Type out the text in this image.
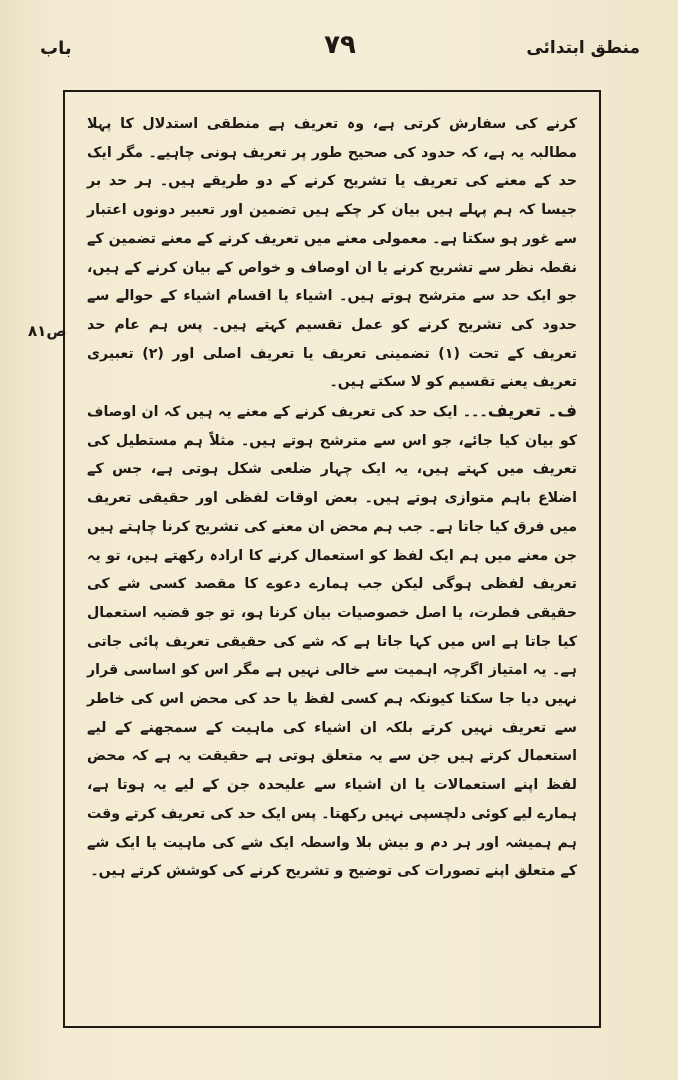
منطق ابتدائی
۷۹
باب
ص۸۱

کرنے کی سفارش کرتی ہے، وہ تعریف ہے منطقی استدلال کا پہلا مطالبہ یہ ہے، کہ حدود کی صحیح طور پر تعریف ہونی چاہیے۔ مگر ایک حد کے معنے کی تعریف یا تشریح کرنے کے دو طریقے ہیں۔ ہر حد بر جیسا کہ ہم پہلے ہیں بیان کر چکے ہیں تضمین اور تعبیر دونوں اعتبار سے غور ہو سکتا ہے۔ معمولی معنے میں تعریف کرنے کے معنے تضمین کے نقطہ نظر سے تشریح کرنے یا ان اوصاف و خواص کے بیان کرنے کے ہیں، جو ایک حد سے مترشح ہوتے ہیں۔ اشیاء یا اقسام اشیاء کے حوالے سے حدود کی تشریح کرنے کو عمل تقسیم کہتے ہیں۔ پس ہم عام حد تعریف کے تحت (۱) تضمینی تعریف یا تعریف اصلی اور (۲) تعبیری تعریف یعنے تقسیم کو لا سکتے ہیں۔

ف۔ تعریف۔۔۔ ایک حد کی تعریف کرنے کے معنے یہ ہیں کہ ان اوصاف کو بیان کیا جائے، جو اس سے مترشح ہوتے ہیں۔ مثلاً ہم مستطیل کی تعریف میں کہتے ہیں، یہ ایک چہار ضلعی شکل ہوتی ہے، جس کے اضلاع باہم متوازی ہوتے ہیں۔ بعض اوقات لفظی اور حقیقی تعریف میں فرق کیا جاتا ہے۔ جب ہم محض ان معنے کی تشریح کرنا چاہتے ہیں جن معنے میں ہم ایک لفظ کو استعمال کرنے کا ارادہ رکھتے ہیں، تو یہ تعریف لفظی ہوگی لیکن جب ہمارے دعوے کا مقصد کسی شے کی حقیقی فطرت، یا اصل خصوصیات بیان کرنا ہو، تو جو قضیہ استعمال کیا جاتا ہے اس میں کہا جاتا ہے کہ شے کی حقیقی تعریف پائی جاتی ہے۔ یہ امتیاز اگرچہ اہمیت سے خالی نہیں ہے مگر اس کو اساسی قرار نہیں دیا جا سکتا کیونکہ ہم کسی لفظ یا حد کی محض اس کی خاطر سے تعریف نہیں کرتے بلکہ ان اشیاء کی ماہیت کے سمجھنے کے لیے استعمال کرتے ہیں جن سے یہ متعلق ہوتی ہے حقیقت یہ ہے کہ محض لفظ اپنے استعمالات یا ان اشیاء سے علیحدہ جن کے لیے یہ ہوتا ہے، ہمارے لیے کوئی دلچسپی نہیں رکھتا۔ پس ایک حد کی تعریف کرتے وقت ہم ہمیشہ اور ہر دم و بیش بلا واسطہ ایک شے کی ماہیت یا ایک شے کے متعلق اپنے تصورات کی توضیح و تشریح کرنے کی کوشش کرتے ہیں۔
